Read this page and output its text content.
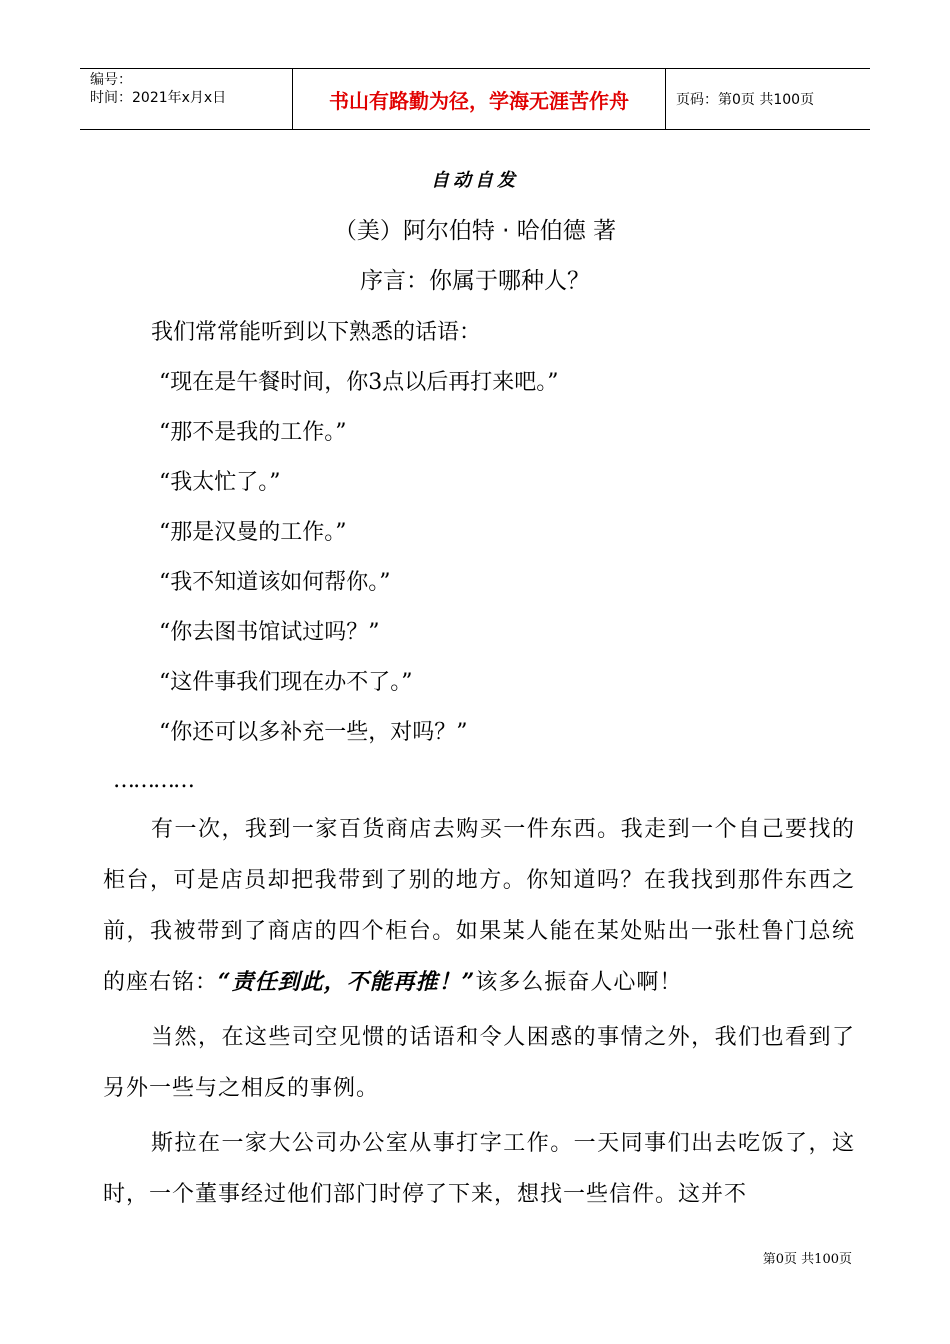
编号：
时间：2021年x月x日	书山有路勤为径，学海无涯苦作舟	页码：第0页 共100页
自动自发
（美）阿尔伯特 · 哈伯德 著
序言：你属于哪种人？
我们常常能听到以下熟悉的话语：
“现在是午餐时间，你3点以后再打来吧。”
“那不是我的工作。”
“我太忙了。”
“那是汉曼的工作。”
“我不知道该如何帮你。”
“你去图书馆试过吗？”
“这件事我们现在办不了。”
“你还可以多补充一些，对吗？”
…………

有一次，我到一家百货商店去购买一件东西。我走到一个自己要找的柜台，可是店员却把我带到了别的地方。你知道吗？在我找到那件东西之前，我被带到了商店的四个柜台。如果某人能在某处贴出一张杜鲁门总统的座右铭：“责任到此，不能再推！”该多么振奋人心啊！

当然，在这些司空见惯的话语和令人困惑的事情之外，我们也看到了另外一些与之相反的事例。

斯拉在一家大公司办公室从事打字工作。一天同事们出去吃饭了，这时，一个董事经过他们部门时停了下来，想找一些信件。这并不

第0页 共100页
